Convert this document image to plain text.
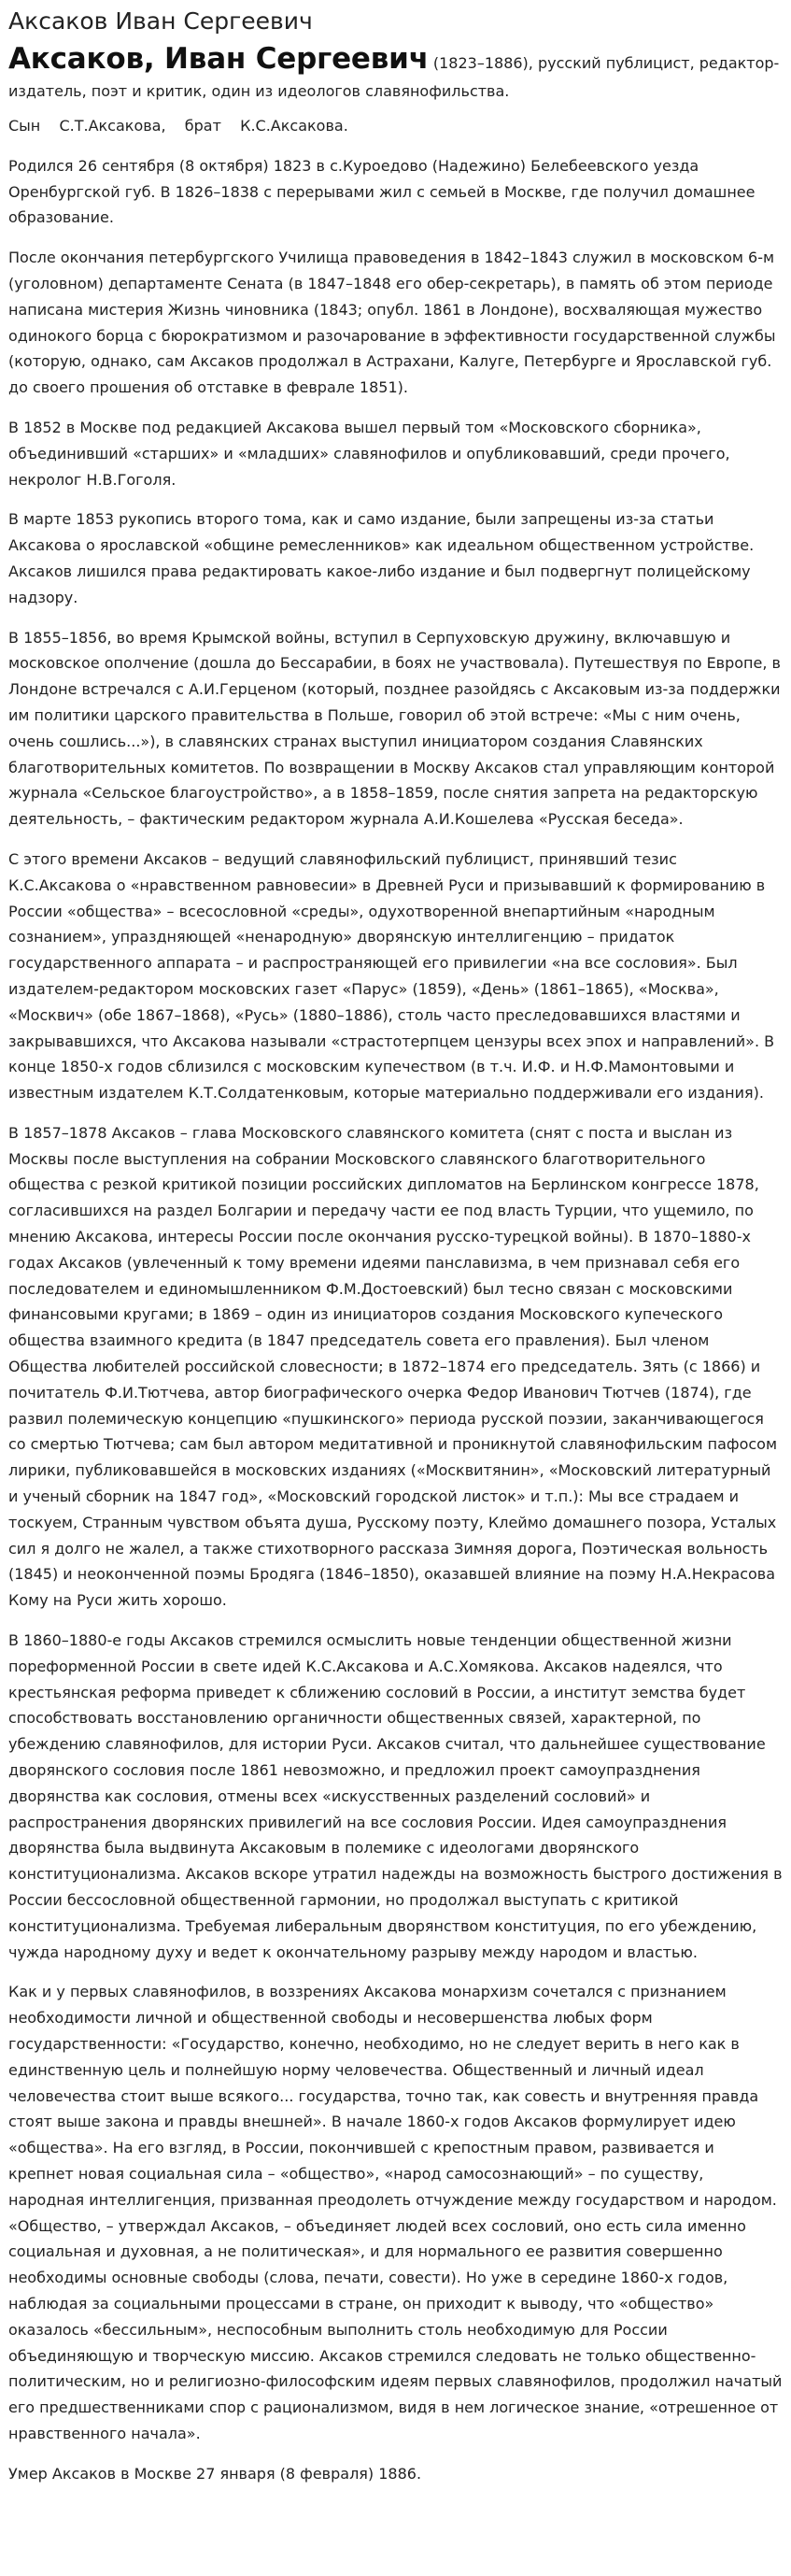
Аксаков Иван Сергеевич
Аксаков, Иван Сергеевич (1823–1886), русский публицист, редактор-издатель, поэт и критик, один из идеологов славянофильства.

Сын С.Т.Аксакова, брат К.С.Аксакова.

Родился 26 сентября (8 октября) 1823 в с.Куроедово (Надежино) Белебеевского уезда Оренбургской губ. В 1826–1838 с перерывами жил с семьей в Москве, где получил домашнее образование.

После окончания петербургского Училища правоведения в 1842–1843 служил в московском 6-м (уголовном) департаменте Сената (в 1847–1848 его обер-секретарь), в память об этом периоде написана мистерия Жизнь чиновника (1843; опубл. 1861 в Лондоне), восхваляющая мужество одинокого борца с бюрократизмом и разочарование в эффективности государственной службы (которую, однако, сам Аксаков продолжал в Астрахани, Калуге, Петербурге и Ярославской губ. до своего прошения об отставке в феврале 1851).

В 1852 в Москве под редакцией Аксакова вышел первый том «Московского сборника», объединивший «старших» и «младших» славянофилов и опубликовавший, среди прочего, некролог Н.В.Гоголя.

В марте 1853 рукопись второго тома, как и само издание, были запрещены из-за статьи Аксакова о ярославской «общине ремесленников» как идеальном общественном устройстве. Аксаков лишился права редактировать какое-либо издание и был подвергнут полицейскому надзору.

В 1855–1856, во время Крымской войны, вступил в Серпуховскую дружину, включавшую и московское ополчение (дошла до Бессарабии, в боях не участвовала). Путешествуя по Европе, в Лондоне встречался с А.И.Герценом (который, позднее разойдясь с Аксаковым из-за поддержки им политики царского правительства в Польше, говорил об этой встрече: «Мы с ним очень, очень сошлись...»), в славянских странах выступил инициатором создания Славянских благотворительных комитетов. По возвращении в Москву Аксаков стал управляющим конторой журнала «Сельское благоустройство», а в 1858–1859, после снятия запрета на редакторскую деятельность, – фактическим редактором журнала А.И.Кошелева «Русская беседа».

С этого времени Аксаков – ведущий славянофильский публицист, принявший тезис К.С.Аксакова о «нравственном равновесии» в Древней Руси и призывавший к формированию в России «общества» – всесословной «среды», одухотворенной внепартийным «народным сознанием», упраздняющей «ненародную» дворянскую интеллигенцию – придаток государственного аппарата – и распространяющей его привилегии «на все сословия». Был издателем-редактором московских газет «Парус» (1859), «День» (1861–1865), «Москва», «Москвич» (обе 1867–1868), «Русь» (1880–1886), столь часто преследовавшихся властями и закрывавшихся, что Аксакова называли «страстотерпцем цензуры всех эпох и направлений». В конце 1850-х годов сблизился с московским купечеством (в т.ч. И.Ф. и Н.Ф.Мамонтовыми и известным издателем К.Т.Солдатенковым, которые материально поддерживали его издания).

В 1857–1878 Аксаков – глава Московского славянского комитета (снят с поста и выслан из Москвы после выступления на собрании Московского славянского благотворительного общества с резкой критикой позиции российских дипломатов на Берлинском конгрессе 1878, согласившихся на раздел Болгарии и передачу части ее под власть Турции, что ущемило, по мнению Аксакова, интересы России после окончания русско-турецкой войны). В 1870–1880-х годах Аксаков (увлеченный к тому времени идеями панславизма, в чем признавал себя его последователем и единомышленником Ф.М.Достоевский) был тесно связан с московскими финансовыми кругами; в 1869 – один из инициаторов создания Московского купеческого общества взаимного кредита (в 1847 председатель совета его правления). Был членом Общества любителей российской словесности; в 1872–1874 его председатель. Зять (с 1866) и почитатель Ф.И.Тютчева, автор биографического очерка Федор Иванович Тютчев (1874), где развил полемическую концепцию «пушкинского» периода русской поэзии, заканчивающегося со смертью Тютчева; сам был автором медитативной и проникнутой славянофильским пафосом лирики, публиковавшейся в московских изданиях («Москвитянин», «Московский литературный и ученый сборник на 1847 год», «Московский городской листок» и т.п.): Мы все страдаем и тоскуем, Странным чувством объята душа, Русскому поэту, Клеймо домашнего позора, Усталых сил я долго не жалел, а также стихотворного рассказа Зимняя дорога, Поэтическая вольность (1845) и неоконченной поэмы Бродяга (1846–1850), оказавшей влияние на поэму Н.А.Некрасова Кому на Руси жить хорошо.

В 1860–1880-е годы Аксаков стремился осмыслить новые тенденции общественной жизни пореформенной России в свете идей К.С.Аксакова и А.С.Хомякова. Аксаков надеялся, что крестьянская реформа приведет к сближению сословий в России, а институт земства будет способствовать восстановлению органичности общественных связей, характерной, по убеждению славянофилов, для истории Руси. Аксаков считал, что дальнейшее существование дворянского сословия после 1861 невозможно, и предложил проект самоупразднения дворянства как сословия, отмены всех «искусственных разделений сословий» и распространения дворянских привилегий на все сословия России. Идея самоупразднения дворянства была выдвинута Аксаковым в полемике с идеологами дворянского конституционализма. Аксаков вскоре утратил надежды на возможность быстрого достижения в России бессословной общественной гармонии, но продолжал выступать с критикой конституционализма. Требуемая либеральным дворянством конституция, по его убеждению, чужда народному духу и ведет к окончательному разрыву между народом и властью.

Как и у первых славянофилов, в воззрениях Аксакова монархизм сочетался с признанием необходимости личной и общественной свободы и несовершенства любых форм государственности: «Государство, конечно, необходимо, но не следует верить в него как в единственную цель и полнейшую норму человечества. Общественный и личный идеал человечества стоит выше всякого... государства, точно так, как совесть и внутренняя правда стоят выше закона и правды внешней». В начале 1860-х годов Аксаков формулирует идею «общества». На его взгляд, в России, покончившей с крепостным правом, развивается и крепнет новая социальная сила – «общество», «народ самосознающий» – по существу, народная интеллигенция, призванная преодолеть отчуждение между государством и народом. «Общество, – утверждал Аксаков, – объединяет людей всех сословий, оно есть сила именно социальная и духовная, а не политическая», и для нормального ее развития совершенно необходимы основные свободы (слова, печати, совести). Но уже в середине 1860-х годов, наблюдая за социальными процессами в стране, он приходит к выводу, что «общество» оказалось «бессильным», неспособным выполнить столь необходимую для России объединяющую и творческую миссию. Аксаков стремился следовать не только общественно-политическим, но и религиозно-философским идеям первых славянофилов, продолжил начатый его предшественниками спор с рационализмом, видя в нем логическое знание, «отрешенное от нравственного начала».

Умер Аксаков в Москве 27 января (8 февраля) 1886.
